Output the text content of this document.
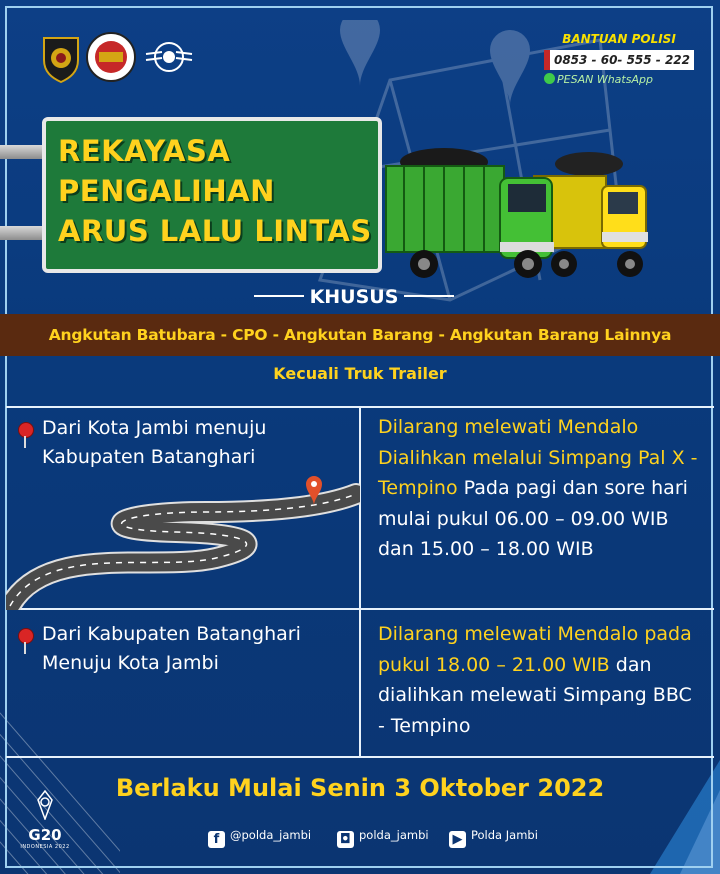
BANTUAN POLISI
0853 - 60- 555 - 222
PESAN WhatsApp
REKAYASA
PENGALIHAN
ARUS LALU LINTAS
KHUSUS
Angkutan Batubara - CPO - Angkutan Barang - Angkutan Barang Lainnya
Kecuali Truk Trailer
Dari Kota Jambi menuju Kabupaten Batanghari
Dilarang melewati Mendalo Dialihkan melalui Simpang Pal X - Tempino Pada pagi dan sore hari mulai pukul 06.00 – 09.00 WIB dan 15.00 – 18.00 WIB
Dari Kabupaten Batanghari Menuju Kota Jambi
Dilarang melewati Mendalo pada pukul 18.00 – 21.00 WIB dan dialihkan melewati Simpang BBC - Tempino
Berlaku Mulai Senin 3 Oktober 2022
G20
INDONESIA 2022	f @polda_jambi ◘ polda_jambi ▶ Polda Jambi
